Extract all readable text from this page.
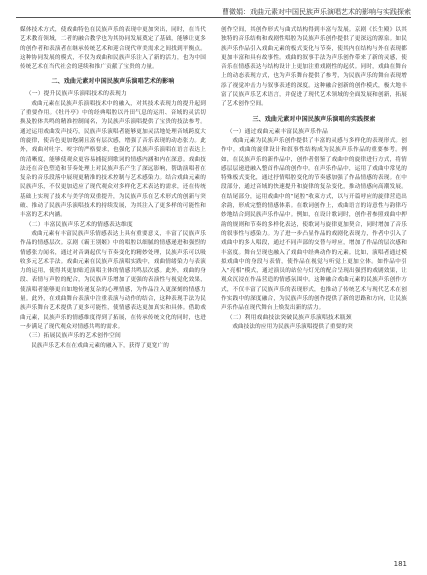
曹微娟：戏曲元素对中国民族声乐演唱艺术的影响与实践探索

媒体技术方式，使戏曲特色在民族声乐的表现中更加突出，同时，在当代艺术教育领域，二者的融合教学也为其协同发展奠定了基础，能够让更多的创作者和表演者在继承传统艺术和迎合现代审美需求之间找到平衡点。这种协同发展的模式，不仅为戏曲和民族声乐注入了新的活力，也为中国传统艺术在当代社会的延续和推广贡献了宝贵的力量。

二、戏曲元素对中国民族声乐演唱艺术的影响
（一）提升民族声乐演唱技术的表现力

戏曲元素在民族声乐演唱技术中的融入，对其技术表现力的提升起到了重要作用。《牡丹亭》中的经典唱腔以丹田气息的运用、音域的灵活切换及腔体共鸣的精准控制闻名，为民族声乐演唱提供了宝贵的技法参考。通过运用戏曲发声技巧，民族声乐演唱者能够更加灵活地处理音域跨度大的旋律，使音色更加饱满且富有层次感，增强了音乐表现的动态张力。此外，戏曲对吐字、咬字的严格要求，也强化了民族声乐演唱在语言表达上的清晰度，能够使观众更容易捕捉到歌词的情感内涵和内在深意。戏曲技法还在音色塑造和节奏处理上对民族声乐产生了深远影响，帮助演唱者在复杂的音乐段落中展现更精准的技术控制与艺术感染力。结合戏曲元素的民族声乐，不仅更加适应了现代观众对多样化艺术表达的需求，还在传统基础上实现了技术与美学的双重提升，为民族声乐在艺术形式的创新与突破、推动了民族声乐演唱技术的持续发展，为其注入了更多样的可能性和丰富的艺术内涵。

（二）丰富民族声乐艺术的情感表达维度

戏曲元素有丰富民族声乐情感表达上具有重要意义，丰富了民族声乐作品的情感层次。京剧《霸王别姬》中的唱腔以细腻的情感递进和强烈的情感张力闻名，通过对音调起伏与节奏变化的精妙处理，民族声乐可以吸收多元艺术手法。戏曲元素在民族声乐演唱实践中，戏曲情绪染力与表演力的运用，使得其更加贴近演唱主体的情感共鸣层次感。此外，戏曲的身段、表情与声腔的配合，为民族声乐增加了更强的表演性与视觉化效果，使演唱者能够更自如地传递复杂的心理情感，为作品注入更深刻的情感力量。此外，在戏曲舞台表演中注重表演与动作的结合，这种表现手法为民族声乐舞台艺术提供了更多可能性，使情感表达更加真实和具体。借助戏曲元素，民族声乐的情感维度得到了拓展，在传承传统文化的同时，也进一步满足了现代观众对情感共鸣的需求。

（三）拓展民族声乐的艺术创作空间

民族声乐艺术在在戏曲元素的融入下，获得了更宽广的

创作空间，其创作形式与曲式结构得到丰富与发展。京剧《长生殿》以其独特的音乐结构和戏剧性唱腔为民族声乐创作提供了更深远的源泉。如民族声乐作品引入戏曲元素的板式变化与节奏，使其内在结构与外在表现都更加丰富和具有故事性。戏曲的叙事手法为声乐创作带来了新的灵感，使音乐在情感表达与结构设计上更加注重戏剧性的起伏。同时，戏曲在舞台上的动态表现方式，也为声乐舞台提供了参考，为民族声乐的舞台表现增添了视觉冲击力与叙事表述的深度。这种融合创新的创作模式，极大地丰富了民族声乐艺术语言，并促进了现代艺术领域的全面发展和创新，拓展了艺术创作空间。

三、戏曲元素对中国民族声乐演唱的实践探索
（一）通过戏曲元素丰富民族声乐作品

戏曲元素为民族声乐创作提供了丰富的灵感与多样化的表现形式。创作中，戏曲的旋律设计和叙事性结构成为民族声乐作品的重要参考。例如，在民族声乐的新作品中，创作者借鉴了戏曲中的旋律进行方式，将情感层层递进融入整首作品的创作中。在声乐作品中，运用了戏曲中常见的特殊板式变化，通过抒情唱腔变化的节奏感加强了作品情感的表现。在中段部分，通过音域的快速提升和旋律的复杂变化，推动情感向高潮发展。在结尾部分，运用戏曲中的“尾腔”收束方式，以与开篇呼应的旋律营造出余韵，形成完整的情感体系。在歌词创作上，戏曲语言的诗意性与韵律巧妙地结合到民族声乐作品中。例如，在设计歌词时，创作者参照戏曲中押韵的规则和节奏的多样化表达，使歌词与旋律更加契合，同时增加了音乐的叙事性与感染力。为了进一步凸显作品的戏剧化表现力，作者中引入了戏曲中的多人唱段，通过不同声部的交替与呼应，增加了作品的层次感和丰富度。舞台呈现也融入了戏曲中经典动作的元素。比如，演唱者通过模拟戏曲中的身段与表情，使作品在视觉与听觉上更加立体。如作品中引入“亮相”模式，通过演员的站位与灯光的配合呈现出强烈的戏剧效果，让观众沉浸在作品营造的情感氛围中。这种融合戏曲元素的民族声乐创作方式，不仅丰富了民族声乐的表现形式，也推动了传统艺术与现代艺术在创作实践中的深度融合，为民族声乐的创作提供了新的思路和方向，让民族声乐作品在现代舞台上焕发出新的活力。

（二）利用戏曲技法突破民族声乐演唱技术瓶颈

戏曲技法的应用为民族声乐演唱提供了重要的突

181
